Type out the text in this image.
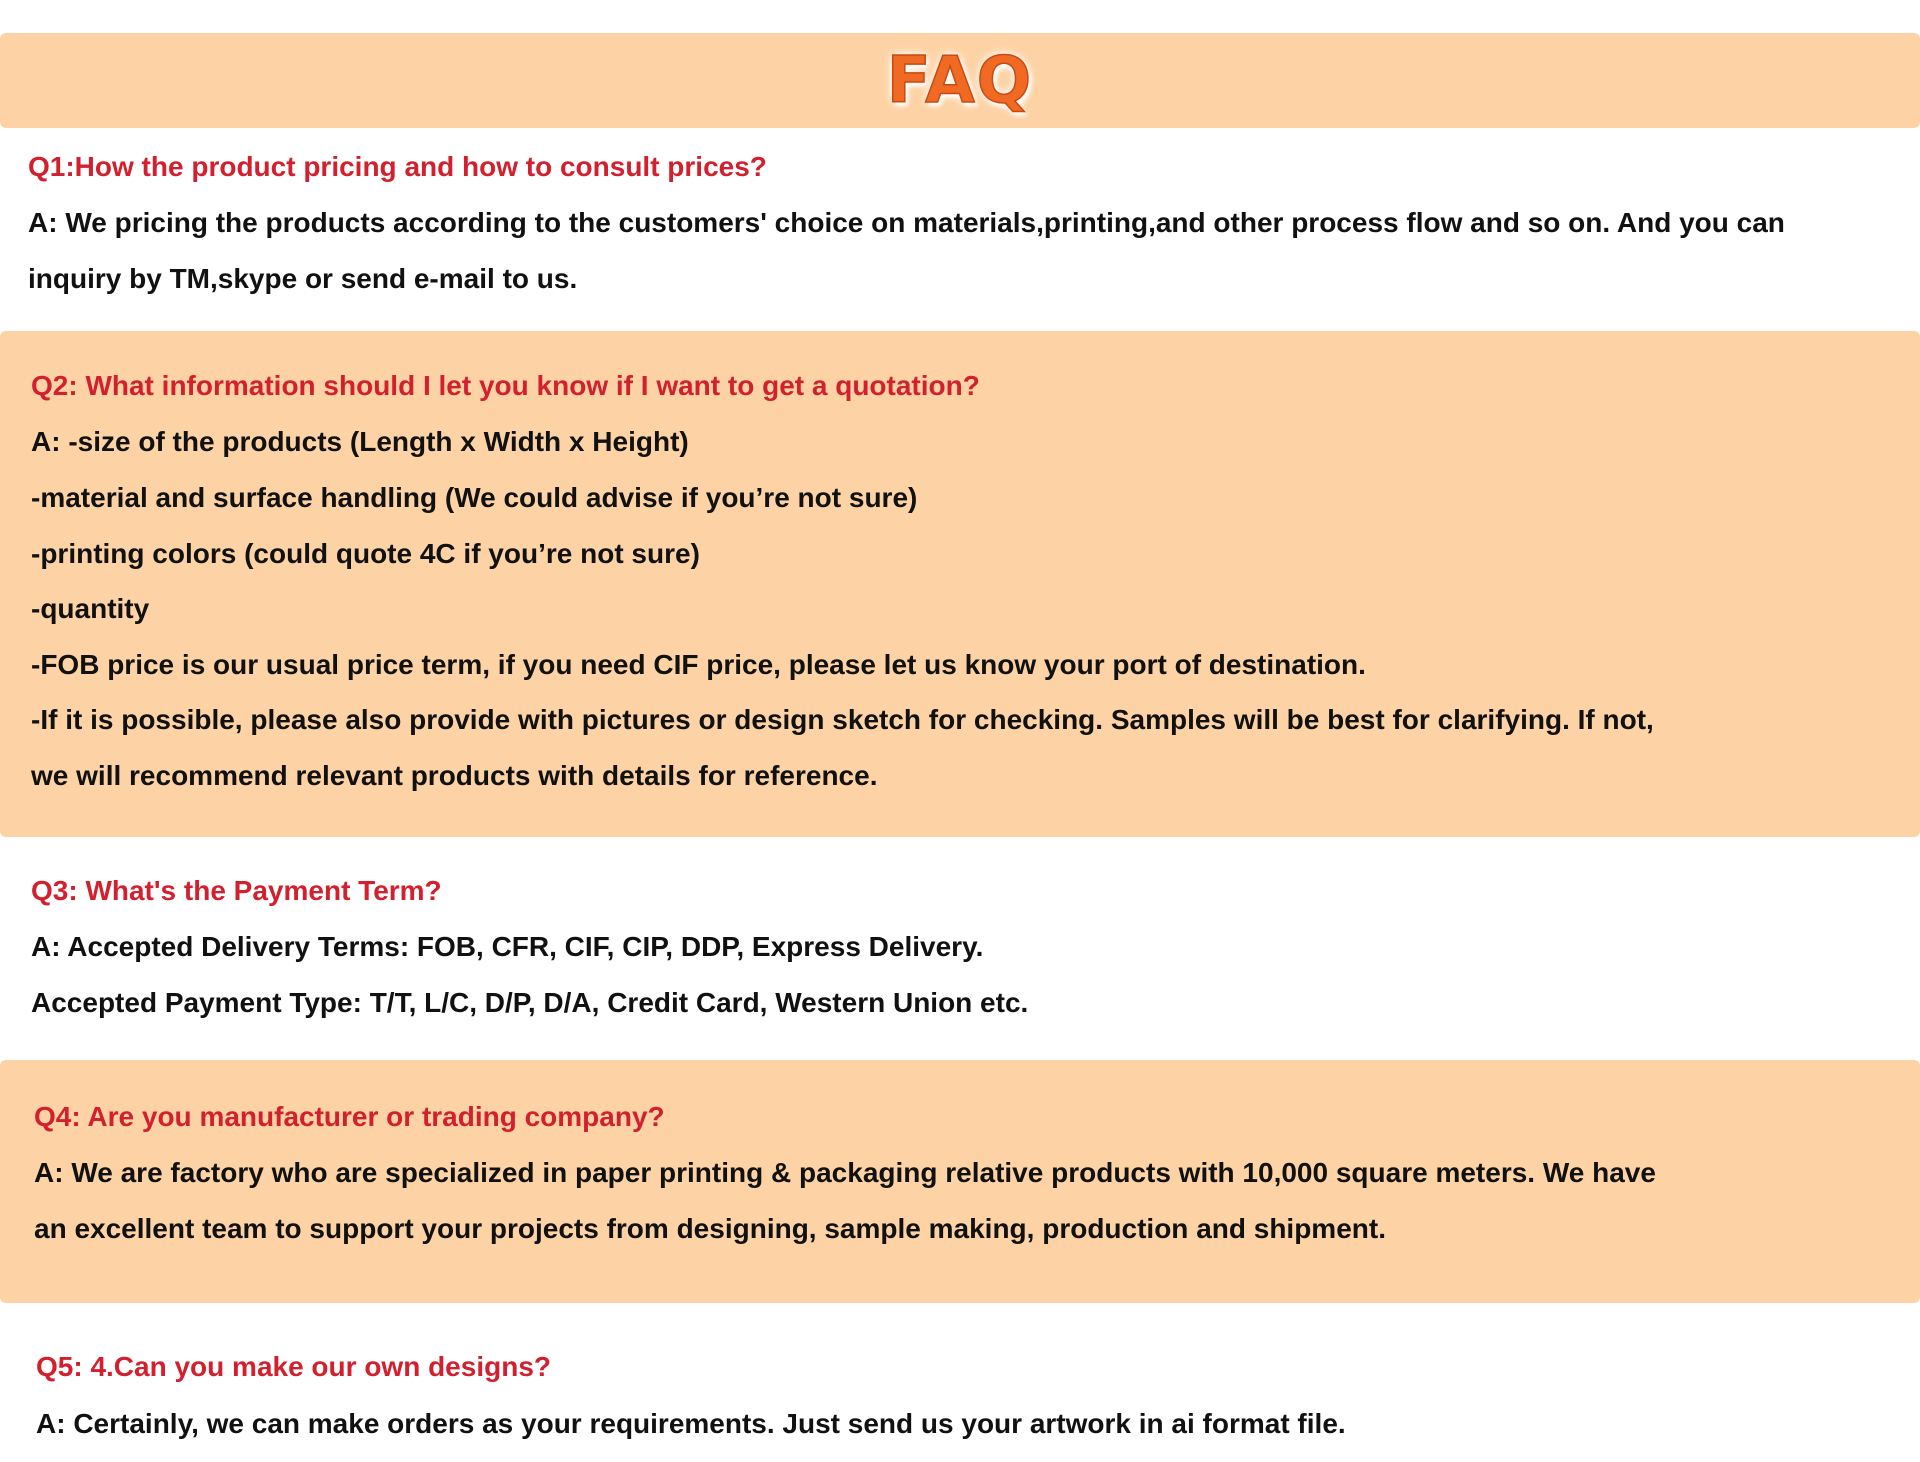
FAQ
Q1:How the product pricing and how to consult prices?
A: We pricing the products according to the customers' choice on materials,printing,and other process flow and so on. And you can
inquiry by TM,skype or send e-mail to us.
Q2: What information should I let you know if I want to get a quotation?
A: -size of the products (Length x Width x Height)
-material and surface handling (We could advise if you’re not sure)
-printing colors (could quote 4C if you’re not sure)
-quantity
-FOB price is our usual price term, if you need CIF price, please let us know your port of destination.
-If it is possible, please also provide with pictures or design sketch for checking. Samples will be best for clarifying. If not,
we will recommend relevant products with details for reference.
Q3: What's the Payment Term?
A: Accepted Delivery Terms: FOB, CFR, CIF, CIP, DDP, Express Delivery.
Accepted Payment Type: T/T, L/C, D/P, D/A, Credit Card, Western Union etc.
Q4: Are you manufacturer or trading company?
A: We are factory who are specialized in paper printing & packaging relative products with 10,000 square meters. We have
an excellent team to support your projects from designing, sample making, production and shipment.
Q5: 4.Can you make our own designs?
A: Certainly, we can make orders as your requirements. Just send us your artwork in ai format file.
